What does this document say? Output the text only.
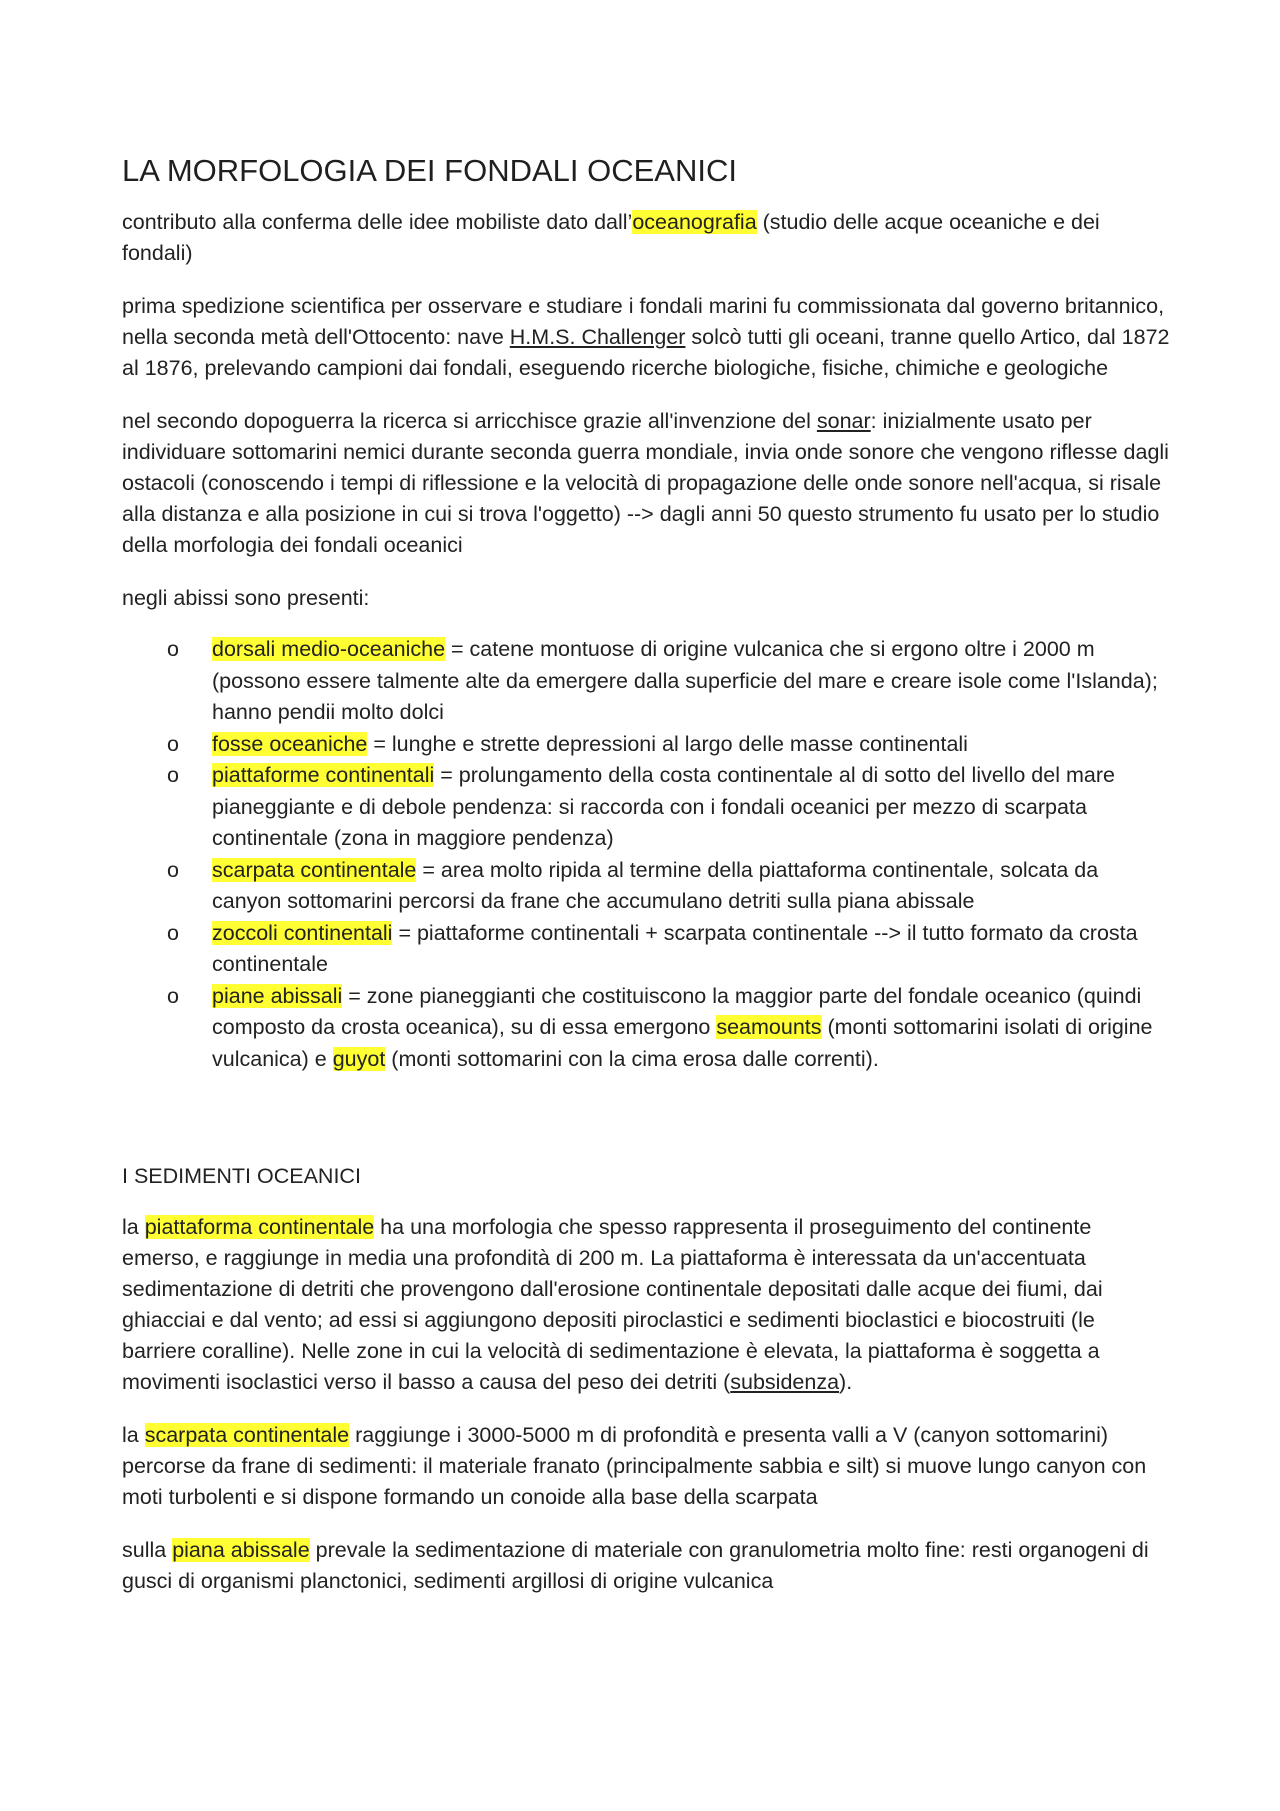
LA MORFOLOGIA DEI FONDALI OCEANICI

contributo alla conferma delle idee mobiliste dato dall’oceanografia (studio delle acque oceaniche e dei fondali)

prima spedizione scientifica per osservare e studiare i fondali marini fu commissionata dal governo britannico, nella seconda metà dell'Ottocento: nave H.M.S. Challenger solcò tutti gli oceani, tranne quello Artico, dal 1872 al 1876, prelevando campioni dai fondali, eseguendo ricerche biologiche, fisiche, chimiche e geologiche

nel secondo dopoguerra la ricerca si arricchisce grazie all'invenzione del sonar: inizialmente usato per individuare sottomarini nemici durante seconda guerra mondiale, invia onde sonore che vengono riflesse dagli ostacoli (conoscendo i tempi di riflessione e la velocità di propagazione delle onde sonore nell'acqua, si risale alla distanza e alla posizione in cui si trova l'oggetto) --> dagli anni 50 questo strumento fu usato per lo studio della morfologia dei fondali oceanici

negli abissi sono presenti:

o dorsali medio-oceaniche = catene montuose di origine vulcanica che si ergono oltre i 2000 m (possono essere talmente alte da emergere dalla superficie del mare e creare isole come l'Islanda); hanno pendii molto dolci
o fosse oceaniche = lunghe e strette depressioni al largo delle masse continentali
o piattaforme continentali = prolungamento della costa continentale al di sotto del livello del mare pianeggiante e di debole pendenza: si raccorda con i fondali oceanici per mezzo di scarpata continentale (zona in maggiore pendenza)
o scarpata continentale = area molto ripida al termine della piattaforma continentale, solcata da canyon sottomarini percorsi da frane che accumulano detriti sulla piana abissale
o zoccoli continentali = piattaforme continentali + scarpata continentale --> il tutto formato da crosta continentale
o piane abissali = zone pianeggianti che costituiscono la maggior parte del fondale oceanico (quindi composto da crosta oceanica), su di essa emergono seamounts (monti sottomarini isolati di origine vulcanica) e guyot (monti sottomarini con la cima erosa dalle correnti).
I SEDIMENTI OCEANICI

la piattaforma continentale ha una morfologia che spesso rappresenta il proseguimento del continente emerso, e raggiunge in media una profondità di 200 m. La piattaforma è interessata da un'accentuata sedimentazione di detriti che provengono dall'erosione continentale depositati dalle acque dei fiumi, dai ghiacciai e dal vento; ad essi si aggiungono depositi piroclastici e sedimenti bioclastici e biocostruiti (le barriere coralline). Nelle zone in cui la velocità di sedimentazione è elevata, la piattaforma è soggetta a movimenti isoclastici verso il basso a causa del peso dei detriti (subsidenza).

la scarpata continentale raggiunge i 3000-5000 m di profondità e presenta valli a V (canyon sottomarini) percorse da frane di sedimenti: il materiale franato (principalmente sabbia e silt) si muove lungo canyon con moti turbolenti e si dispone formando un conoide alla base della scarpata

sulla piana abissale prevale la sedimentazione di materiale con granulometria molto fine: resti organogeni di gusci di organismi planctonici, sedimenti argillosi di origine vulcanica
